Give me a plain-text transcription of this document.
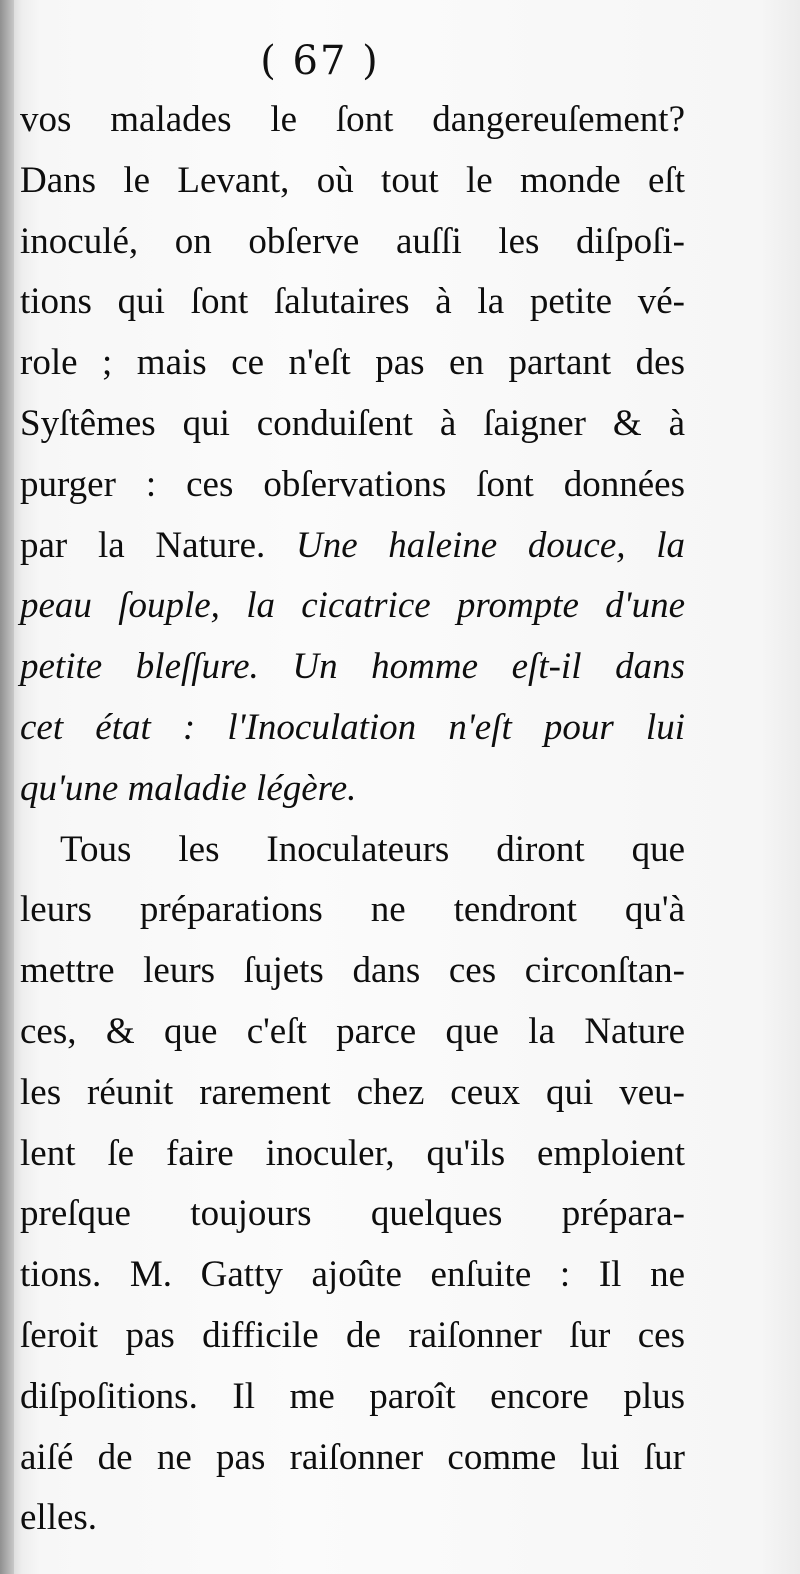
( 67 )
vos malades le ſont dangereuſement?
Dans le Levant, où tout le monde eſt
inoculé, on obſerve auſſi les diſpoſi-
tions qui ſont ſalutaires à la petite vé-
role ; mais ce n'eſt pas en partant des
Syſtêmes qui conduiſent à ſaigner & à
purger : ces obſervations ſont données
par la Nature. Une haleine douce, la
peau ſouple, la cicatrice prompte d'une
petite bleſſure. Un homme eſt-il dans
cet état : l'Inoculation n'eſt pour lui
qu'une maladie légère.
Tous les Inoculateurs diront que
leurs préparations ne tendront qu'à
mettre leurs ſujets dans ces circonſtan-
ces, & que c'eſt parce que la Nature
les réunit rarement chez ceux qui veu-
lent ſe faire inoculer, qu'ils emploient
preſque toujours quelques prépara-
tions. M. Gatty ajoûte enſuite : Il ne
ſeroit pas difficile de raiſonner ſur ces
diſpoſitions. Il me paroît encore plus
aiſé de ne pas raiſonner comme lui ſur
elles.
